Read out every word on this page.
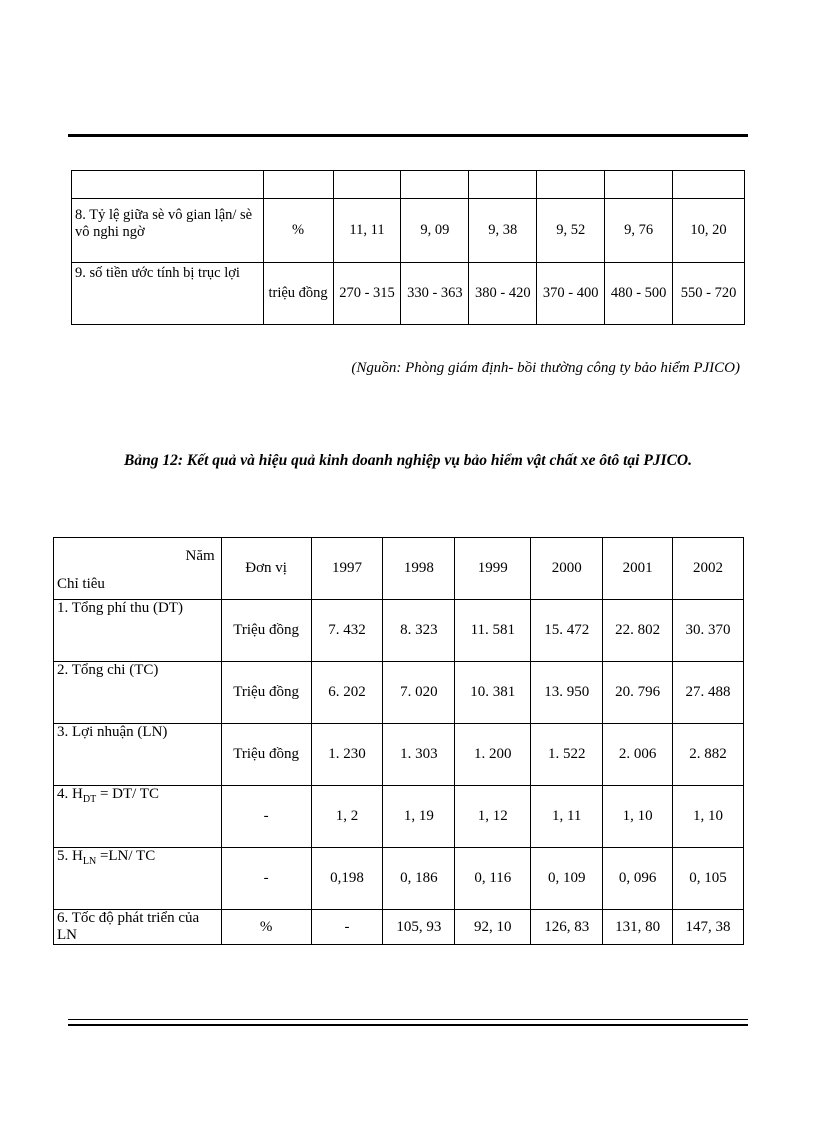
8. Tỷ lệ giữa sè vô gian lận/ sè
vô nghi ngờ	%	11, 11	9, 09	9, 38	9, 52	9, 76	10, 20

9. số tiền ước tính bị trục lợi	triệu đồng	270 - 315	330 - 363	380 - 420	370 - 400	480 - 500	550 - 720
(Nguồn: Phòng giám định- bồi thường công ty bảo hiểm PJICO)
Bảng 12: Kết quả và hiệu quả kinh doanh nghiệp vụ bảo hiểm vật chất xe ôtô tại PJICO.
Năm
Chỉ tiêu	Đơn vị	1997	1998	1999	2000	2001	2002
1. Tổng phí thu (DT)	Triệu đồng	7. 432	8. 323	11. 581	15. 472	22. 802	30. 370
2. Tổng chi (TC)	Triệu đồng	6. 202	7. 020	10. 381	13. 950	20. 796	27. 488
3. Lợi nhuận (LN)	Triệu đồng	1. 230	1. 303	1. 200	1. 522	2. 006	2. 882
4. $H_{DT} = DT/$ TC	-	1, 2	1, 19	1, 12	1, 11	1, 10	1, 10
5. $H_{LN} =LN/$ TC	-	0,198	0, 186	0, 116	0, 109	0, 096	0, 105
6. Tốc độ phát triển của LN	%	-	105, 93	92, 10	126, 83	131, 80	147, 38
